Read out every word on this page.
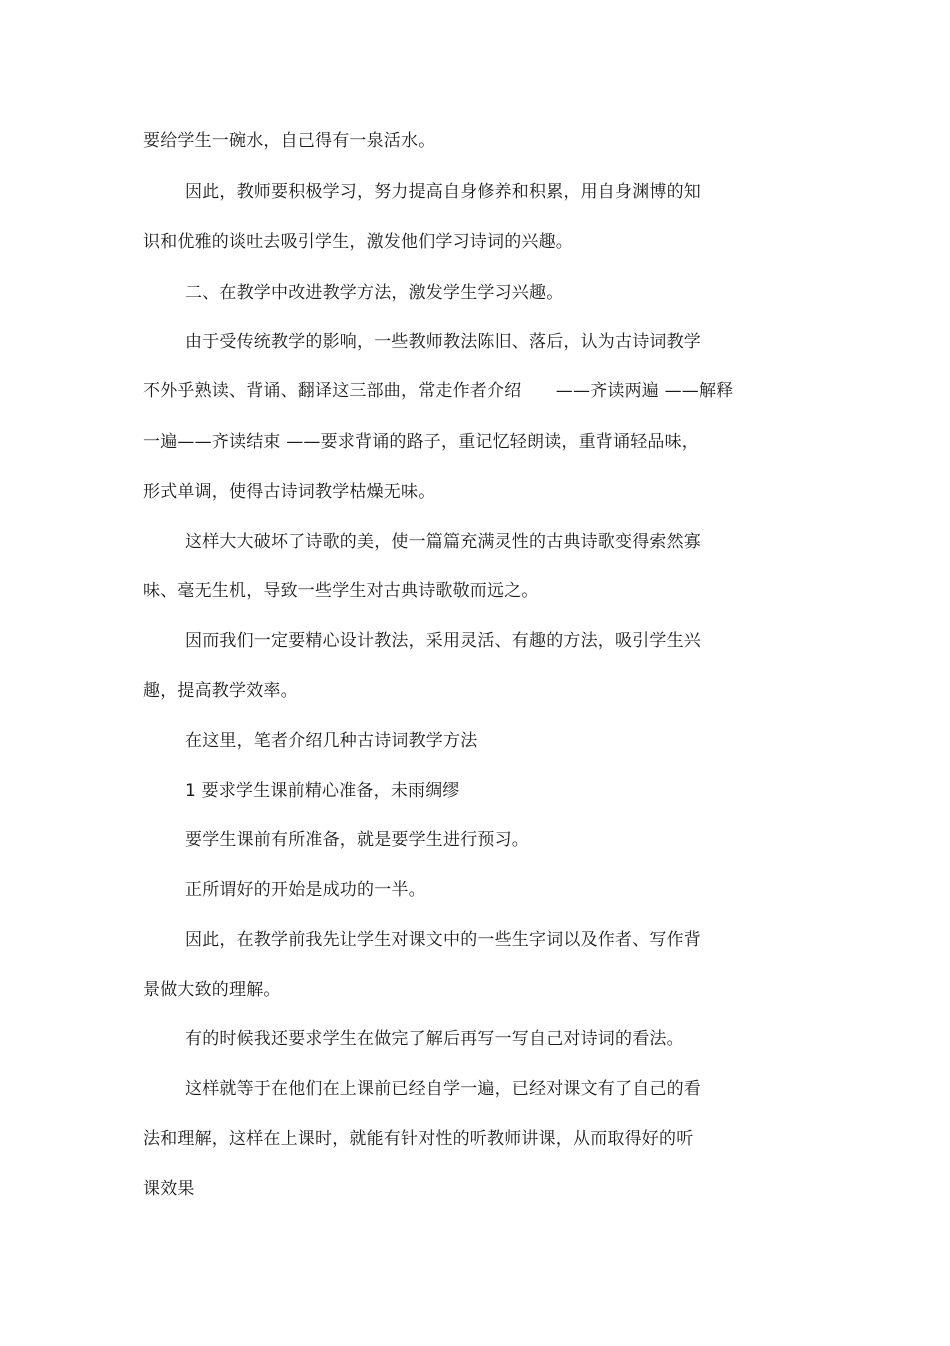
要给学生一碗水，自己得有一泉活水。
因此，教师要积极学习，努力提高自身修养和积累，用自身渊博的知
识和优雅的谈吐去吸引学生，激发他们学习诗词的兴趣。
二、在教学中改进教学方法，激发学生学习兴趣。
由于受传统教学的影响，一些教师教法陈旧、落后，认为古诗词教学
不外乎熟读、背诵、翻译这三部曲，常走作者介绍　　——齐读两遍 ——解释
一遍——齐读结束 ——要求背诵的路子，重记忆轻朗读，重背诵轻品味，
形式单调，使得古诗词教学枯燥无味。
这样大大破坏了诗歌的美，使一篇篇充满灵性的古典诗歌变得索然寡
味、毫无生机，导致一些学生对古典诗歌敬而远之。
因而我们一定要精心设计教法，采用灵活、有趣的方法，吸引学生兴
趣，提高教学效率。
在这里，笔者介绍几种古诗词教学方法
1 要求学生课前精心准备，未雨绸缪
要学生课前有所准备，就是要学生进行预习。
正所谓好的开始是成功的一半。
因此，在教学前我先让学生对课文中的一些生字词以及作者、写作背
景做大致的理解。
有的时候我还要求学生在做完了解后再写一写自己对诗词的看法。
这样就等于在他们在上课前已经自学一遍，已经对课文有了自己的看
法和理解，这样在上课时，就能有针对性的听教师讲课，从而取得好的听
课效果
